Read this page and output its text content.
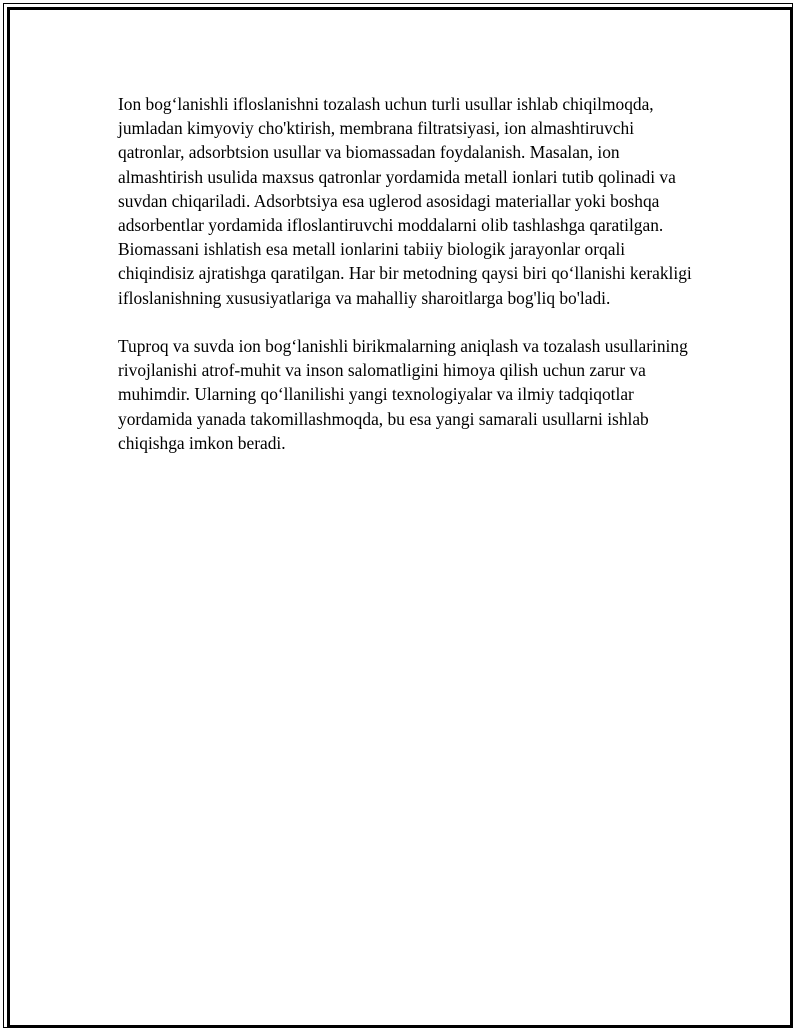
Ion bog‘lanishli ifloslanishni tozalash uchun turli usullar ishlab chiqilmoqda, jumladan kimyoviy cho'ktirish, membrana filtratsiyasi, ion almashtiruvchi qatronlar, adsorbtsion usullar va biomassadan foydalanish. Masalan, ion almashtirish usulida maxsus qatronlar yordamida metall ionlari tutib qolinadi va suvdan chiqariladi. Adsorbtsiya esa uglerod asosidagi materiallar yoki boshqa adsorbentlar yordamida ifloslantiruvchi moddalarni olib tashlashga qaratilgan. Biomassani ishlatish esa metall ionlarini tabiiy biologik jarayonlar orqali chiqindisiz ajratishga qaratilgan. Har bir metodning qaysi biri qo‘llanishi kerakligi ifloslanishning xususiyatlariga va mahalliy sharoitlarga bog'liq bo'ladi.

Tuproq va suvda ion bog‘lanishli birikmalarning aniqlash va tozalash usullarining rivojlanishi atrof-muhit va inson salomatligini himoya qilish uchun zarur va muhimdir. Ularning qo‘llanilishi yangi texnologiyalar va ilmiy tadqiqotlar yordamida yanada takomillashmoqda, bu esa yangi samarali usullarni ishlab chiqishga imkon beradi.
